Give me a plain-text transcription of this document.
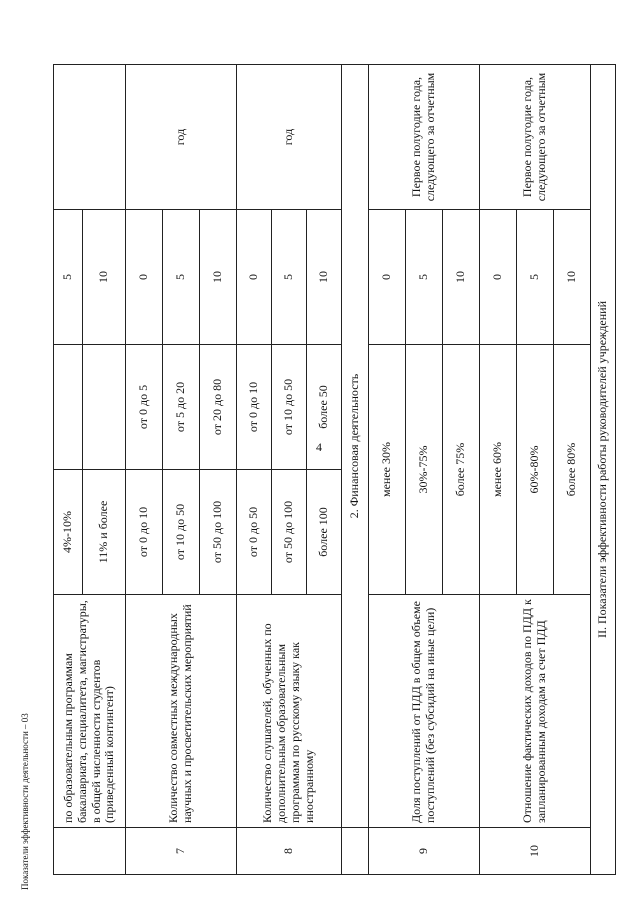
4
Показатели эффективности деятельности – 03
		по образовательным программам бакалавриата, специалитета, магистратуры, в общей численности студентов (приведенный контингент)	4%-10%		5	
		11% и более		10	
7	Количество совместных международных научных и просветительских мероприятий	от 0 до 10	от 0 до 5	0	год
		от 10 до 50	от 5 до 20	5	
		от 50 до 100	от 20 до 80	10	
8	Количество слушателей, обученных по дополнительным образовательным программам по русскому языку как иностранному	от 0 до 50	от 0 до 10	0	год
		от 50 до 100	от 10 до 50	5	
		более 100	более 50	10	
	2. Финансовая деятельность				
9	Доля поступлений от ПДД в общем объеме поступлений (без субсидий на иные цели)	менее 30%		0	Первое полугодие года, следующего за отчетным
		30%-75%		5	
		более 75%		10	
10	Отношение фактических доходов по ПДД к запланированным доходам за счет ПДД	менее 60%		0	Первое полугодие года, следующего за отчетным
		60%-80%		5	
		более 80%		10	
II. Показатели эффективности работы руководителей учреждений					
